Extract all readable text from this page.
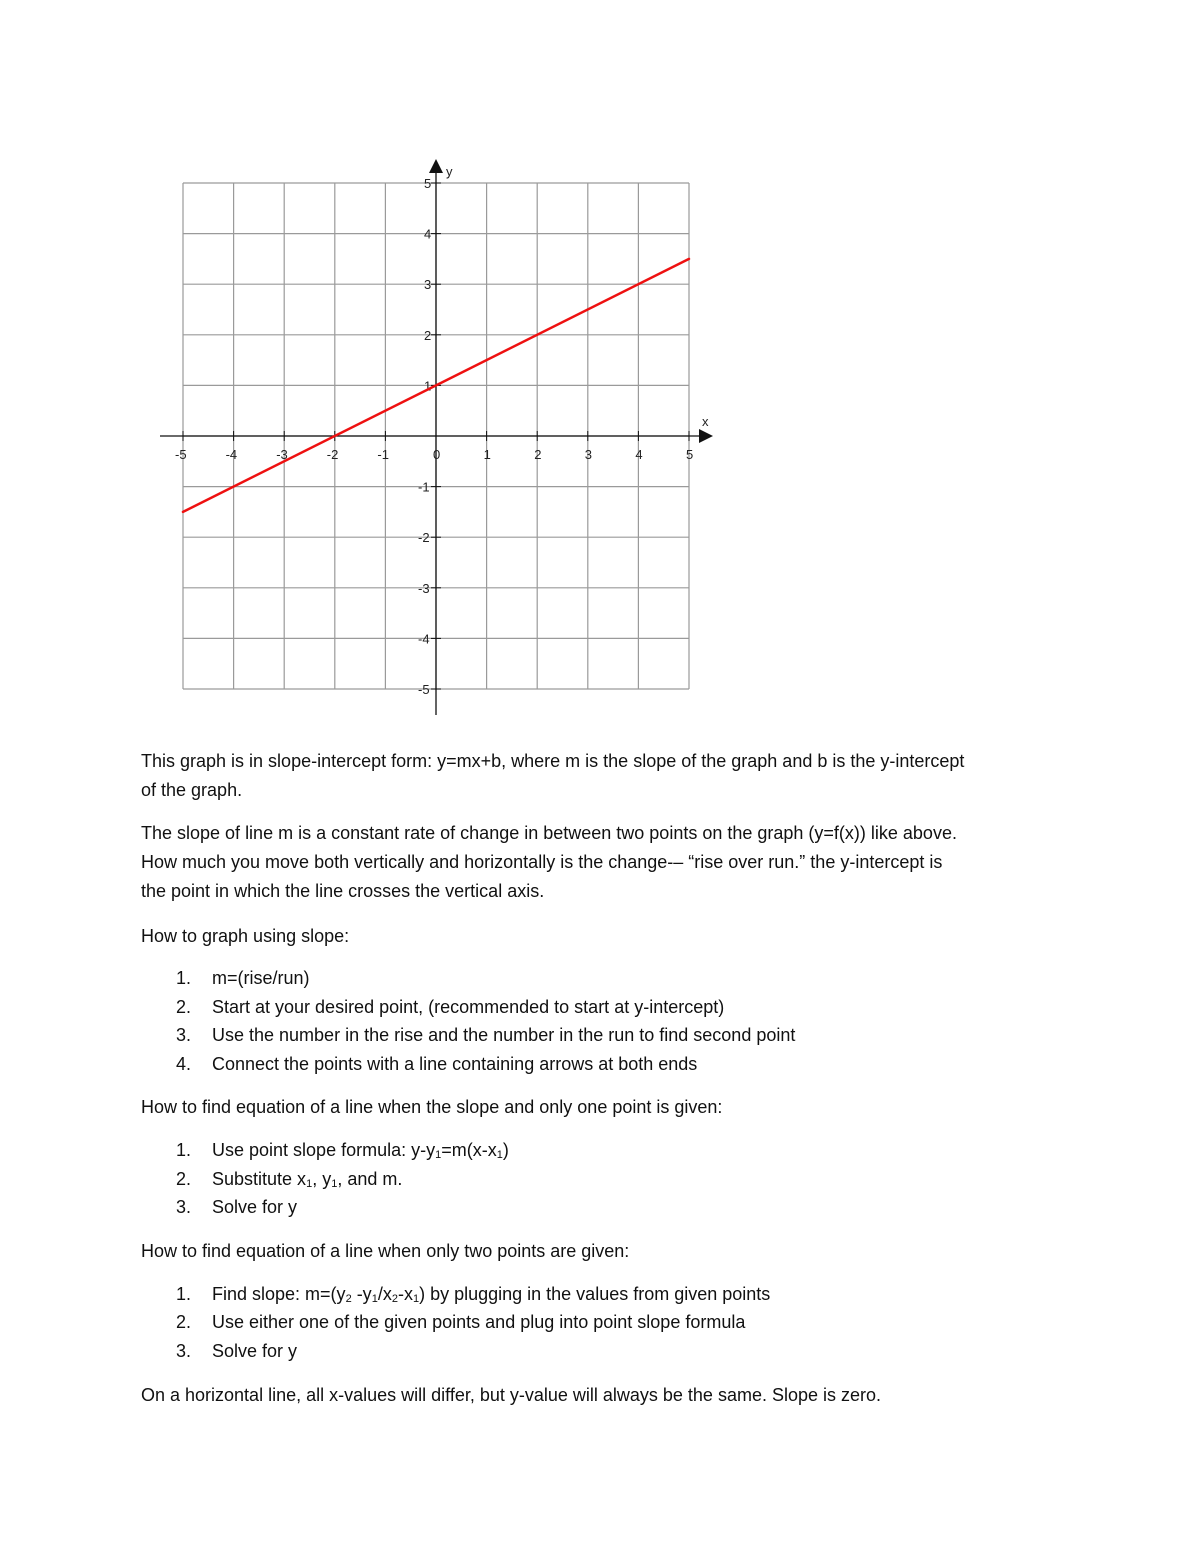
-5	-4	-3	-2	-1	0	1	2	3	4	5
5
4
3
2
1
-1
-2
-3
-4
-5
x
y

This graph is in slope-intercept form: y=mx+b, where m is the slope of the graph and b is the y-intercept
of the graph.

The slope of line m is a constant rate of change in between two points on the graph (y=f(x)) like above.
How much you move both vertically and horizontally is the change-– “rise over run.” the y-intercept is
the point in which the line crosses the vertical axis.

How to graph using slope:

1. m=(rise/run)
2. Start at your desired point, (recommended to start at y-intercept)
3. Use the number in the rise and the number in the run to find second point
4. Connect the points with a line containing arrows at both ends

How to find equation of a line when the slope and only one point is given:

1. Use point slope formula: $y-y_1=m(x-x_1)$
2. Substitute $x_1$, $y_1$, and m.
3. Solve for y

How to find equation of a line when only two points are given:

1. Find slope: $m=(y_2$ $-y_1/x_2-x_1$) by plugging in the values from given points
2. Use either one of the given points and plug into point slope formula
3. Solve for y

On a horizontal line, all x-values will differ, but y-value will always be the same. Slope is zero.
